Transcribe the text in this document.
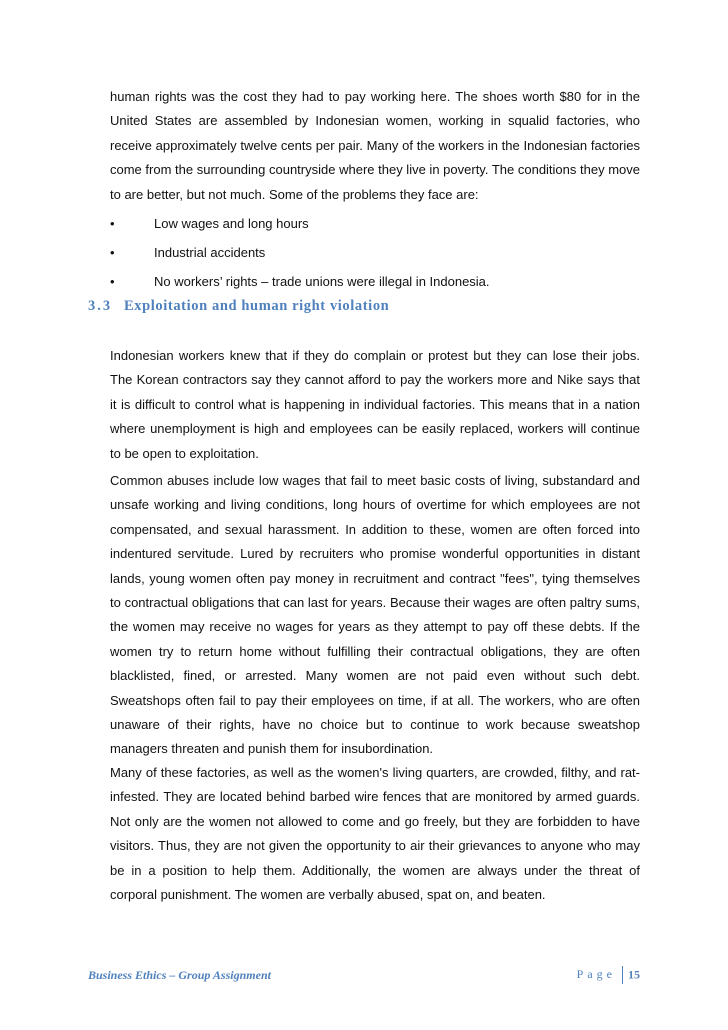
human rights was the cost they had to pay working here. The shoes worth $80 for in the United States are assembled by Indonesian women, working in squalid factories, who receive approximately twelve cents per pair. Many of the workers in the Indonesian factories come from the surrounding countryside where they live in poverty. The conditions they move to are better, but not much. Some of the problems they face are:

•	Low wages and long hours
•	Industrial accidents
•	No workers’ rights – trade unions were illegal in Indonesia.
3.3 Exploitation and human right violation

Indonesian workers knew that if they do complain or protest but they can lose their jobs. The Korean contractors say they cannot afford to pay the workers more and Nike says that it is difficult to control what is happening in individual factories. This means that in a nation where unemployment is high and employees can be easily replaced, workers will continue to be open to exploitation.

Common abuses include low wages that fail to meet basic costs of living, substandard and unsafe working and living conditions, long hours of overtime for which employees are not compensated, and sexual harassment. In addition to these, women are often forced into indentured servitude. Lured by recruiters who promise wonderful opportunities in distant lands, young women often pay money in recruitment and contract "fees", tying themselves to contractual obligations that can last for years. Because their wages are often paltry sums, the women may receive no wages for years as they attempt to pay off these debts. If the women try to return home without fulfilling their contractual obligations, they are often blacklisted, fined, or arrested. Many women are not paid even without such debt. Sweatshops often fail to pay their employees on time, if at all. The workers, who are often unaware of their rights, have no choice but to continue to work because sweatshop managers threaten and punish them for insubordination.

Many of these factories, as well as the women's living quarters, are crowded, filthy, and rat-infested. They are located behind barbed wire fences that are monitored by armed guards. Not only are the women not allowed to come and go freely, but they are forbidden to have visitors. Thus, they are not given the opportunity to air their grievances to anyone who may be in a position to help them. Additionally, the women are always under the threat of corporal punishment. The women are verbally abused, spat on, and beaten.

Business Ethics – Group Assignment	Page 15
